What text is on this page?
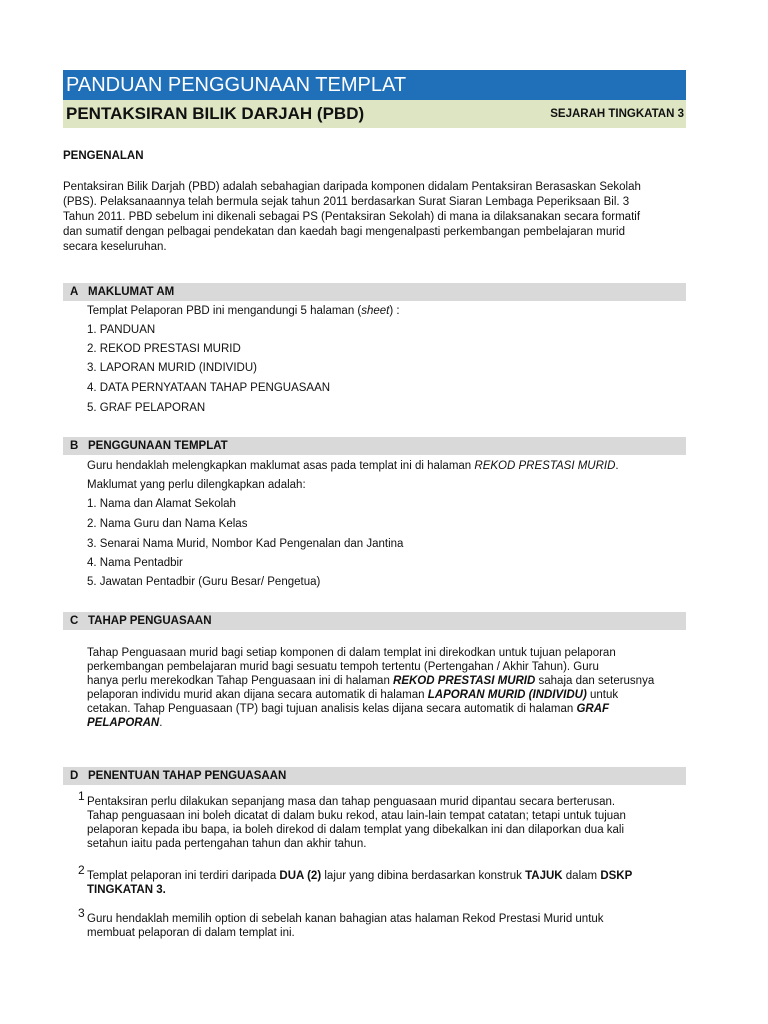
PANDUAN PENGGUNAAN TEMPLAT
PENTAKSIRAN BILIK DARJAH (PBD)	SEJARAH TINGKATAN 3
PENGENALAN
Pentaksiran Bilik Darjah (PBD) adalah sebahagian daripada komponen didalam Pentaksiran Berasaskan Sekolah
(PBS). Pelaksanaannya telah bermula sejak tahun 2011 berdasarkan Surat Siaran Lembaga Peperiksaan Bil. 3
Tahun 2011. PBD sebelum ini dikenali sebagai PS (Pentaksiran Sekolah) di mana ia dilaksanakan secara formatif
dan sumatif dengan pelbagai pendekatan dan kaedah bagi mengenalpasti perkembangan pembelajaran murid
secara keseluruhan.
A MAKLUMAT AM
Templat Pelaporan PBD ini mengandungi 5 halaman (sheet) :
1. PANDUAN
2. REKOD PRESTASI MURID
3. LAPORAN MURID (INDIVIDU)
4. DATA PERNYATAAN TAHAP PENGUASAAN
5. GRAF PELAPORAN
B PENGGUNAAN TEMPLAT
Guru hendaklah melengkapkan maklumat asas pada templat ini di halaman REKOD PRESTASI MURID.
Maklumat yang perlu dilengkapkan adalah:
1. Nama dan Alamat Sekolah
2. Nama Guru dan Nama Kelas
3. Senarai Nama Murid, Nombor Kad Pengenalan dan Jantina
4. Nama Pentadbir
5. Jawatan Pentadbir (Guru Besar/ Pengetua)
C TAHAP PENGUASAAN
Tahap Penguasaan murid bagi setiap komponen di dalam templat ini direkodkan untuk tujuan pelaporan
perkembangan pembelajaran murid bagi sesuatu tempoh tertentu (Pertengahan / Akhir Tahun). Guru
hanya perlu merekodkan Tahap Penguasaan ini di halaman REKOD PRESTASI MURID sahaja dan seterusnya
pelaporan individu murid akan dijana secara automatik di halaman LAPORAN MURID (INDIVIDU) untuk
cetakan. Tahap Penguasaan (TP) bagi tujuan analisis kelas dijana secara automatik di halaman GRAF
PELAPORAN.
D PENENTUAN TAHAP PENGUASAAN
1 Pentaksiran perlu dilakukan sepanjang masa dan tahap penguasaan murid dipantau secara berterusan.
Tahap penguasaan ini boleh dicatat di dalam buku rekod, atau lain-lain tempat catatan; tetapi untuk tujuan
pelaporan kepada ibu bapa, ia boleh direkod di dalam templat yang dibekalkan ini dan dilaporkan dua kali
setahun iaitu pada pertengahan tahun dan akhir tahun.
2 Templat pelaporan ini terdiri daripada DUA (2) lajur yang dibina berdasarkan konstruk TAJUK dalam DSKP
TINGKATAN 3.
3 Guru hendaklah memilih option di sebelah kanan bahagian atas halaman Rekod Prestasi Murid untuk
membuat pelaporan di dalam templat ini.
